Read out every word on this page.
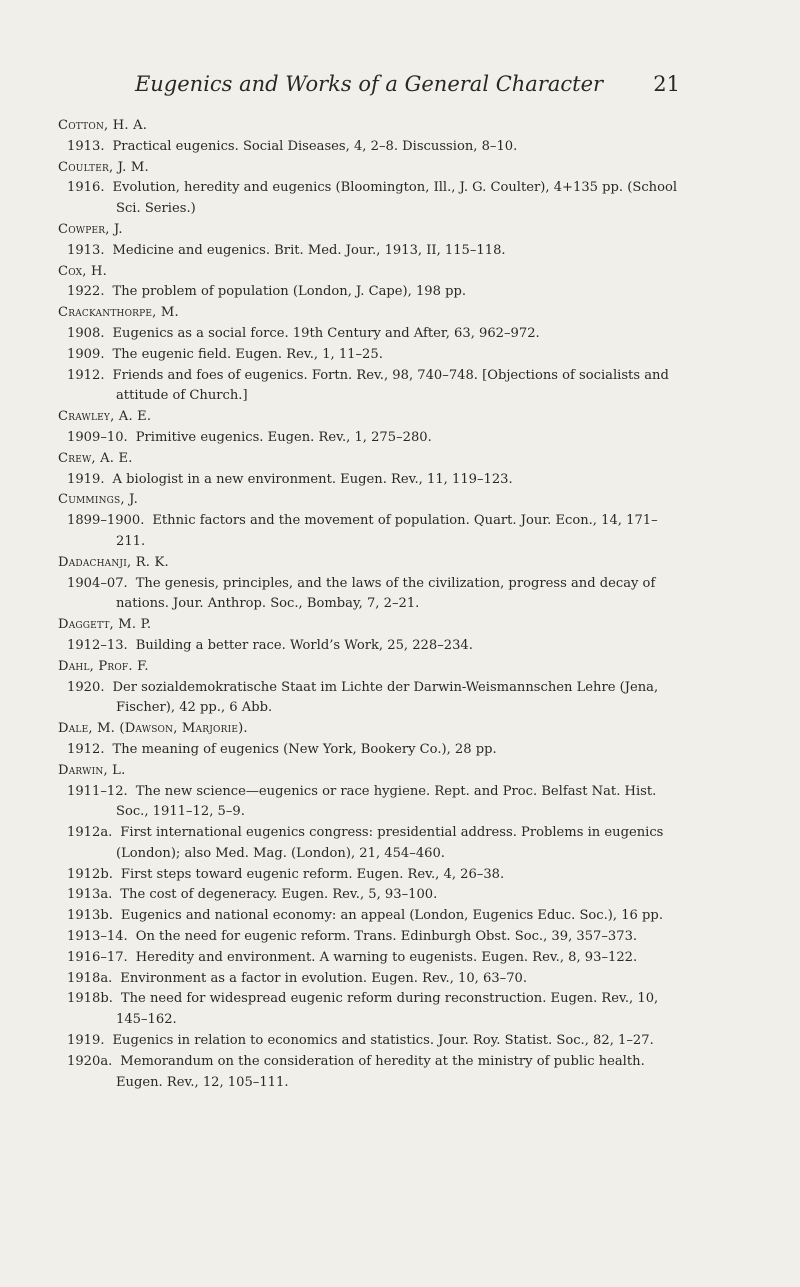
Eugenics and Works of a General Character	21
Cotton, H. A.
1913. Practical eugenics. Social Diseases, 4, 2–8. Discussion, 8–10.
Coulter, J. M.
1916. Evolution, heredity and eugenics (Bloomington, Ill., J. G. Coulter), 4+135 pp. (School Sci. Series.)
Cowper, J.
1913. Medicine and eugenics. Brit. Med. Jour., 1913, II, 115–118.
Cox, H.
1922. The problem of population (London, J. Cape), 198 pp.
Crackanthorpe, M.
1908. Eugenics as a social force. 19th Century and After, 63, 962–972.
1909. The eugenic field. Eugen. Rev., 1, 11–25.
1912. Friends and foes of eugenics. Fortn. Rev., 98, 740–748. [Objections of socialists and attitude of Church.]
Crawley, A. E.
1909–10. Primitive eugenics. Eugen. Rev., 1, 275–280.
Crew, A. E.
1919. A biologist in a new environment. Eugen. Rev., 11, 119–123.
Cummings, J.
1899–1900. Ethnic factors and the movement of population. Quart. Jour. Econ., 14, 171–211.
Dadachanji, R. K.
1904–07. The genesis, principles, and the laws of the civilization, progress and decay of nations. Jour. Anthrop. Soc., Bombay, 7, 2–21.
Daggett, M. P.
1912–13. Building a better race. World’s Work, 25, 228–234.
Dahl, Prof. F.
1920. Der sozialdemokratische Staat im Lichte der Darwin-Weismannschen Lehre (Jena, Fischer), 42 pp., 6 Abb.
Dale, M. (Dawson, Marjorie).
1912. The meaning of eugenics (New York, Bookery Co.), 28 pp.
Darwin, L.
1911–12. The new science—eugenics or race hygiene. Rept. and Proc. Belfast Nat. Hist. Soc., 1911–12, 5–9.
1912a. First international eugenics congress: presidential address. Problems in eugenics (London); also Med. Mag. (London), 21, 454–460.
1912b. First steps toward eugenic reform. Eugen. Rev., 4, 26–38.
1913a. The cost of degeneracy. Eugen. Rev., 5, 93–100.
1913b. Eugenics and national economy: an appeal (London, Eugenics Educ. Soc.), 16 pp.
1913–14. On the need for eugenic reform. Trans. Edinburgh Obst. Soc., 39, 357–373.
1916–17. Heredity and environment. A warning to eugenists. Eugen. Rev., 8, 93–122.
1918a. Environment as a factor in evolution. Eugen. Rev., 10, 63–70.
1918b. The need for widespread eugenic reform during reconstruction. Eugen. Rev., 10, 145–162.
1919. Eugenics in relation to economics and statistics. Jour. Roy. Statist. Soc., 82, 1–27.
1920a. Memorandum on the consideration of heredity at the ministry of public health. Eugen. Rev., 12, 105–111.
